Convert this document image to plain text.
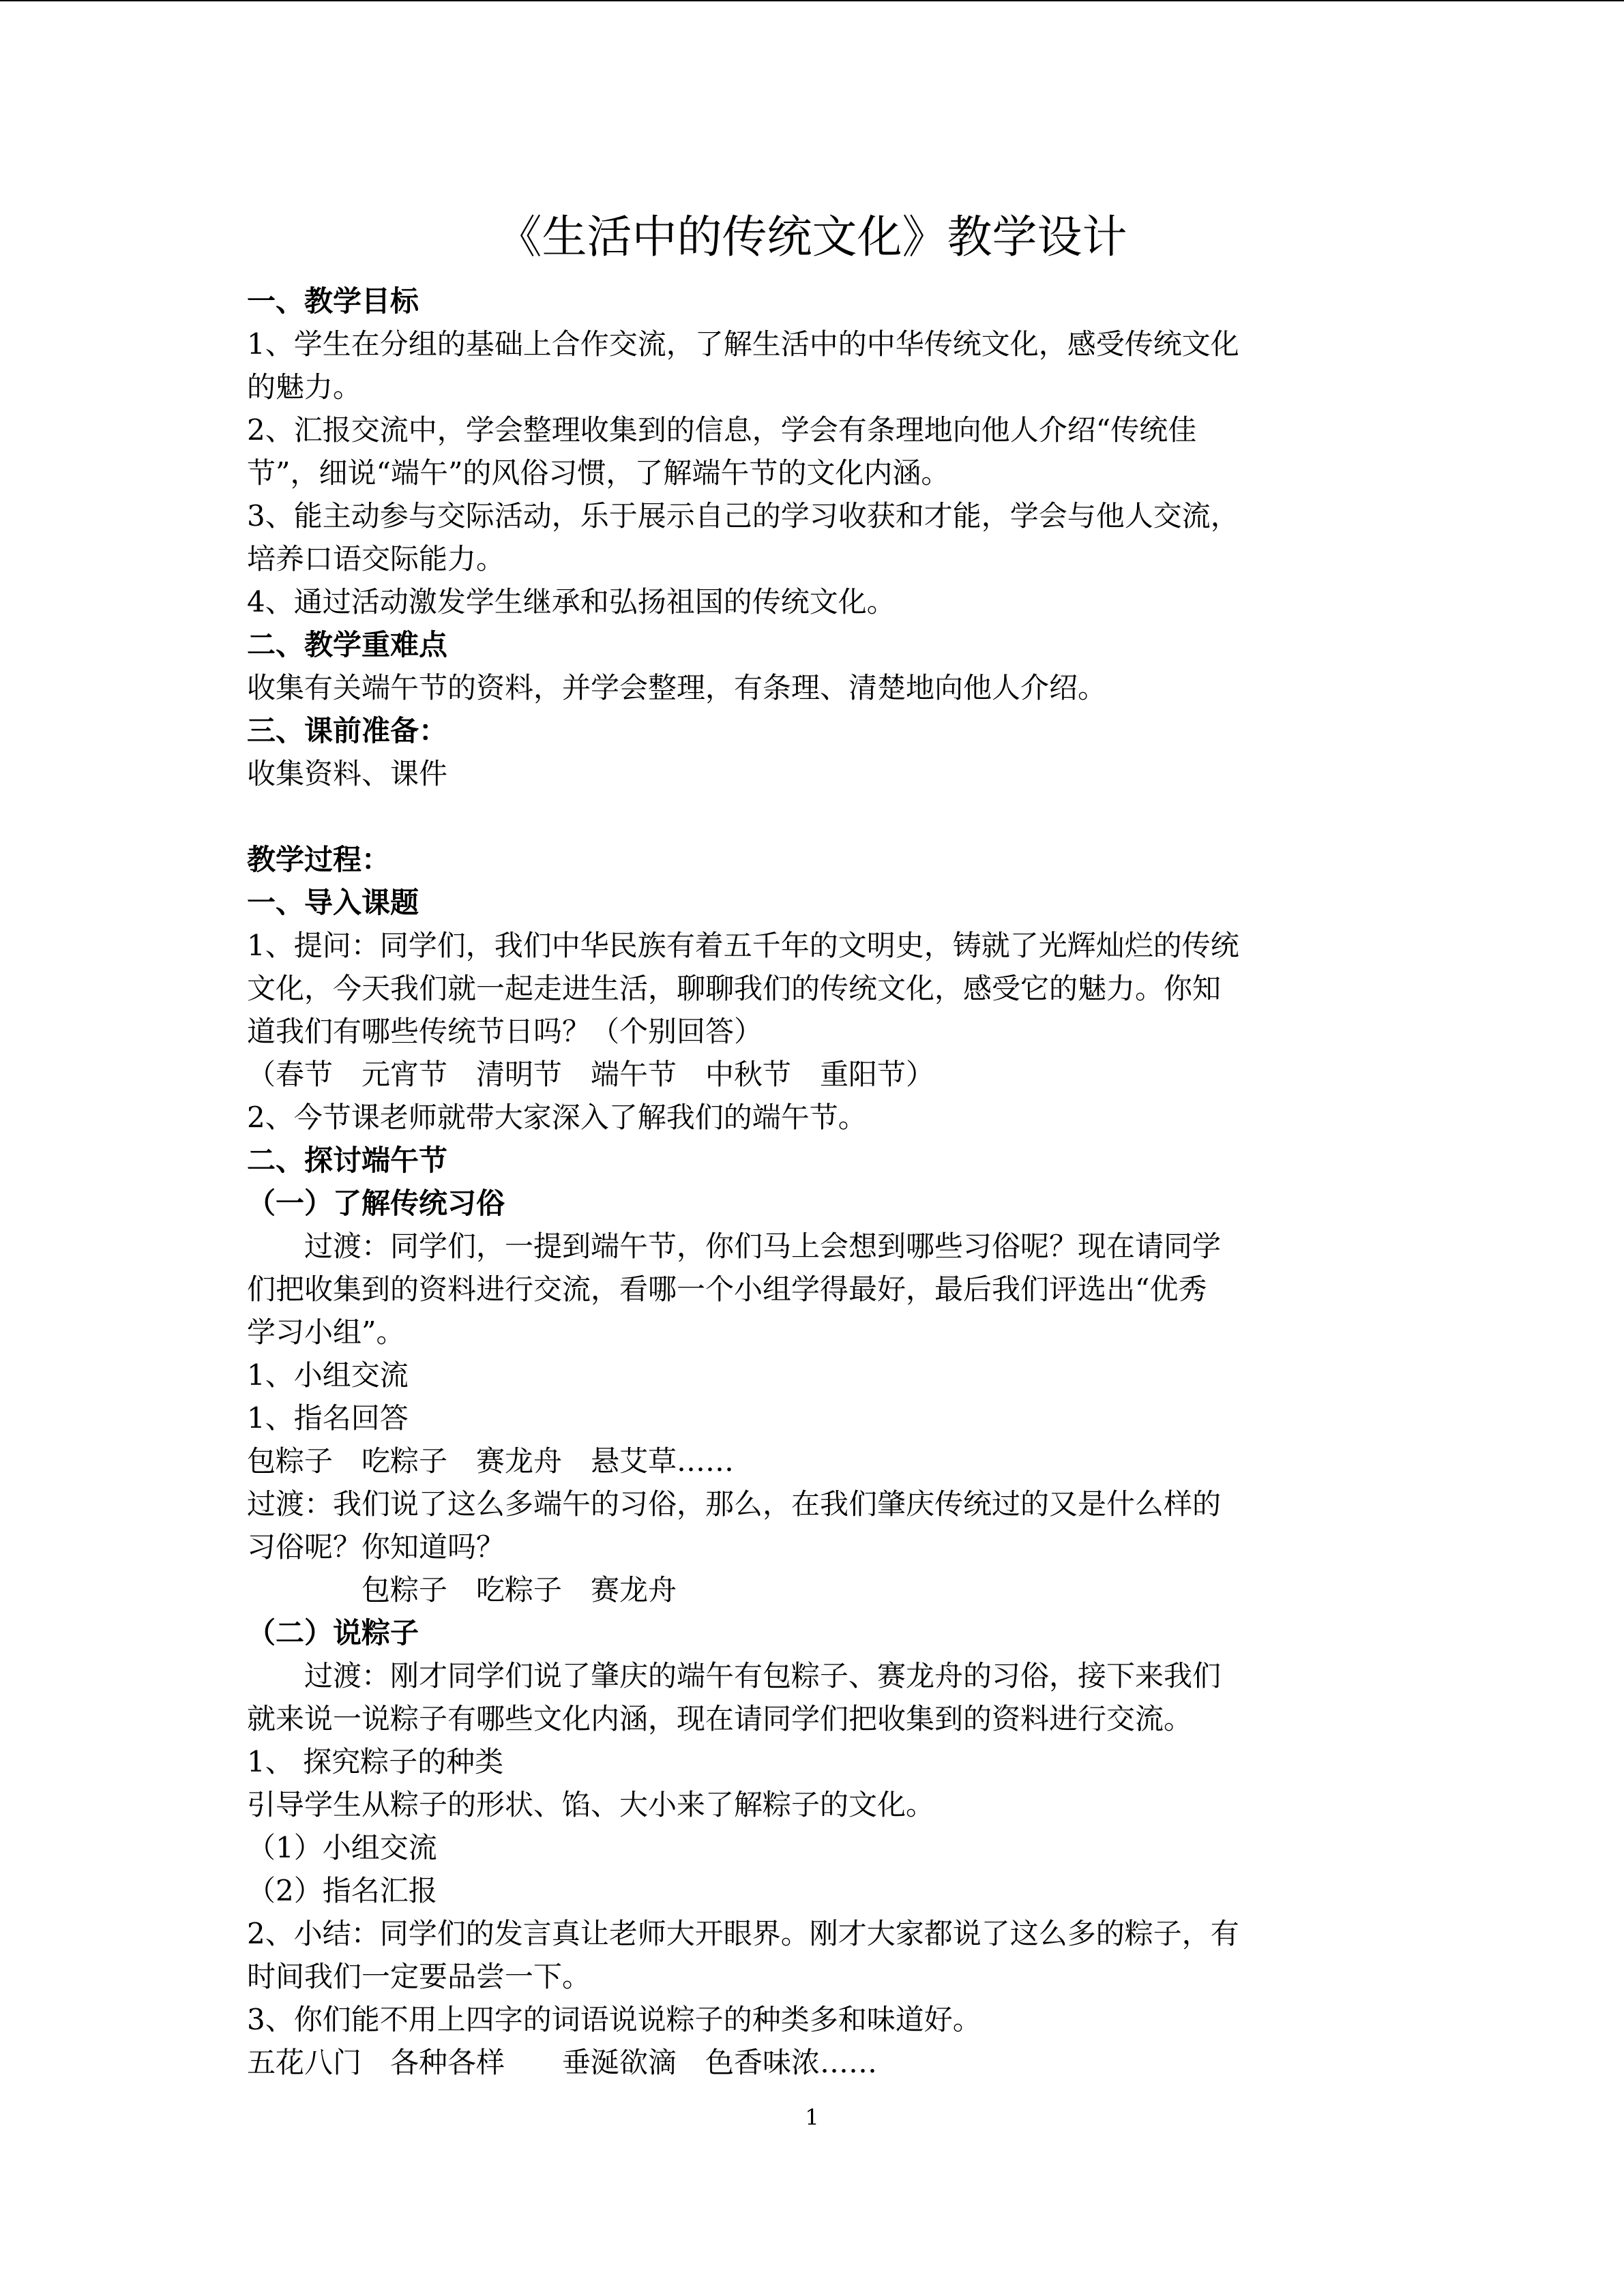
《生活中的传统文化》教学设计
一、教学目标
1、学生在分组的基础上合作交流，了解生活中的中华传统文化，感受传统文化
的魅力。
2、汇报交流中，学会整理收集到的信息，学会有条理地向他人介绍“传统佳
节”，细说“端午”的风俗习惯，了解端午节的文化内涵。
3、能主动参与交际活动，乐于展示自己的学习收获和才能，学会与他人交流，
培养口语交际能力。
4、通过活动激发学生继承和弘扬祖国的传统文化。
二、教学重难点
收集有关端午节的资料，并学会整理，有条理、清楚地向他人介绍。
三、课前准备：
收集资料、课件
教学过程：
一、导入课题
1、提问：同学们，我们中华民族有着五千年的文明史，铸就了光辉灿烂的传统
文化，今天我们就一起走进生活，聊聊我们的传统文化，感受它的魅力。你知
道我们有哪些传统节日吗？（个别回答）
（春节　元宵节　清明节　端午节　中秋节　重阳节）
2、今节课老师就带大家深入了解我们的端午节。
二、探讨端午节
（一）了解传统习俗
　　过渡：同学们，一提到端午节，你们马上会想到哪些习俗呢？现在请同学
们把收集到的资料进行交流，看哪一个小组学得最好，最后我们评选出“优秀
学习小组”。
1、小组交流
1、指名回答
包粽子　吃粽子　赛龙舟　悬艾草……
过渡：我们说了这么多端午的习俗，那么，在我们肇庆传统过的又是什么样的
习俗呢？你知道吗？
　　　　包粽子　吃粽子　赛龙舟
（二）说粽子
　　过渡：刚才同学们说了肇庆的端午有包粽子、赛龙舟的习俗，接下来我们
就来说一说粽子有哪些文化内涵，现在请同学们把收集到的资料进行交流。
1、 探究粽子的种类
引导学生从粽子的形状、馅、大小来了解粽子的文化。
（1）小组交流
（2）指名汇报
2、小结：同学们的发言真让老师大开眼界。刚才大家都说了这么多的粽子，有
时间我们一定要品尝一下。
3、你们能不用上四字的词语说说粽子的种类多和味道好。
五花八门　各种各样　　垂涎欲滴　色香味浓……
1
